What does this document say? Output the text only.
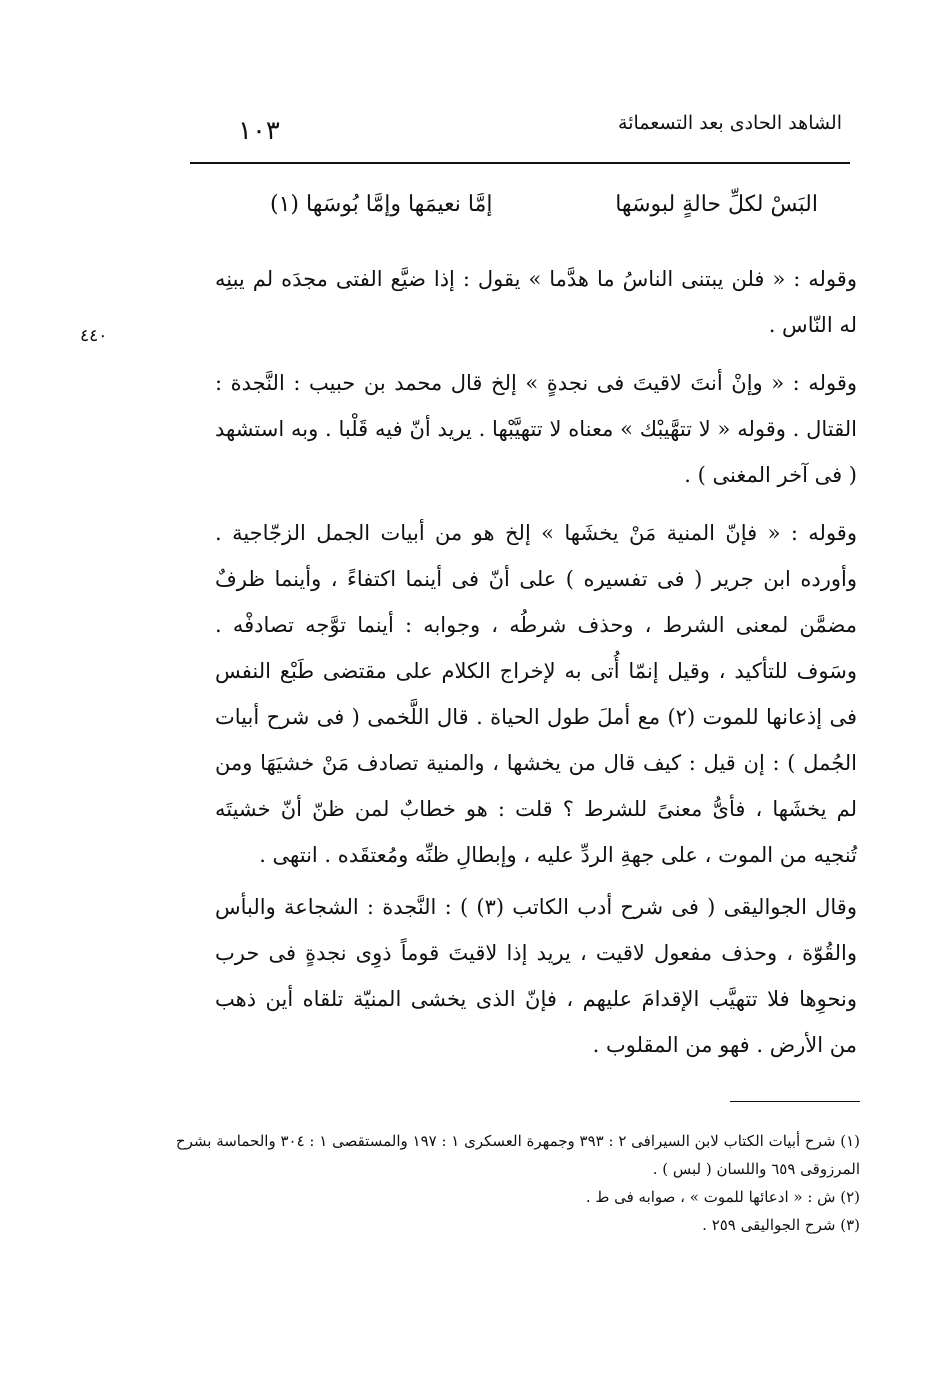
الشاهد الحادى بعد التسعمائة
١٠٣
٤٤٠
البَسْ لكلِّ حالةٍ لبوسَها
إمَّا نعيمَها وإمَّا بُوسَها (١)

وقوله : « فلن يبتنى الناسُ ما هدَّما » يقول : إذا ضيَّع الفتى مجدَه لم يبنِه له النّاس .

وقوله : « وإنْ أنتَ لاقيتَ فى نجدةٍ » إلخ قال محمد بن حبيب : النَّجدة : القتال . وقوله « لا تتهَّيبْك » معناه لا تتهيَّبْها . يريد أنّ فيه قَلْبا . وبه استشهد ( فى آخر المغنى ) .

وقوله : « فإنّ المنية مَنْ يخشَها » إلخ هو من أبيات الجمل الزجّاجية . وأورده ابن جرير ( فى تفسيره ) على أنّ فى أينما اكتفاءً ، وأينما ظرفٌ مضمَّن لمعنى الشرط ، وحذف شرطُه ، وجوابه : أينما توَّجه تصادفْه . وسَوف للتأكيد ، وقيل إنمّا أُتى به لإخراج الكلام على مقتضى طَبْع النفس فى إذعانها للموت (٢) مع أملَ طول الحياة . قال اللَّخمى ( فى شرح أبيات الجُمل ) : إن قيل : كيف قال من يخشها ، والمنية تصادف مَنْ خشيَهَا ومن لم يخشَها ، فأىُّ معنىً للشرط ؟ قلت : هو خطابٌ لمن ظنّ أنّ خشيتَه تُنجيه من الموت ، على جهةِ الردِّ عليه ، وإبطالِ ظنِّه ومُعتقَده . انتهى .

وقال الجواليقى ( فى شرح أدب الكاتب (٣) ) : النَّجدة : الشجاعة والبأس والقُوّة ، وحذف مفعول لاقيت ، يريد إذا لاقيتَ قوماً ذوِى نجدةٍ فى حرب ونحوِها فلا تتهيَّب الإقدامَ عليهم ، فإنّ الذى يخشى المنيّة تلقاه أين ذهب من الأرض . فهو من المقلوب .

(١) شرح أبيات الكتاب لابن السيرافى ٢ : ٣٩٣ وجمهرة العسكرى ١ : ١٩٧ والمستقصى ١ : ٣٠٤ والحماسة بشرح المرزوقى ٦٥٩ واللسان ( لبس ) .

(٢) ش : « ادعائها للموت » ، صوابه فى ط .

(٣) شرح الجواليقى ٢٥٩ .
